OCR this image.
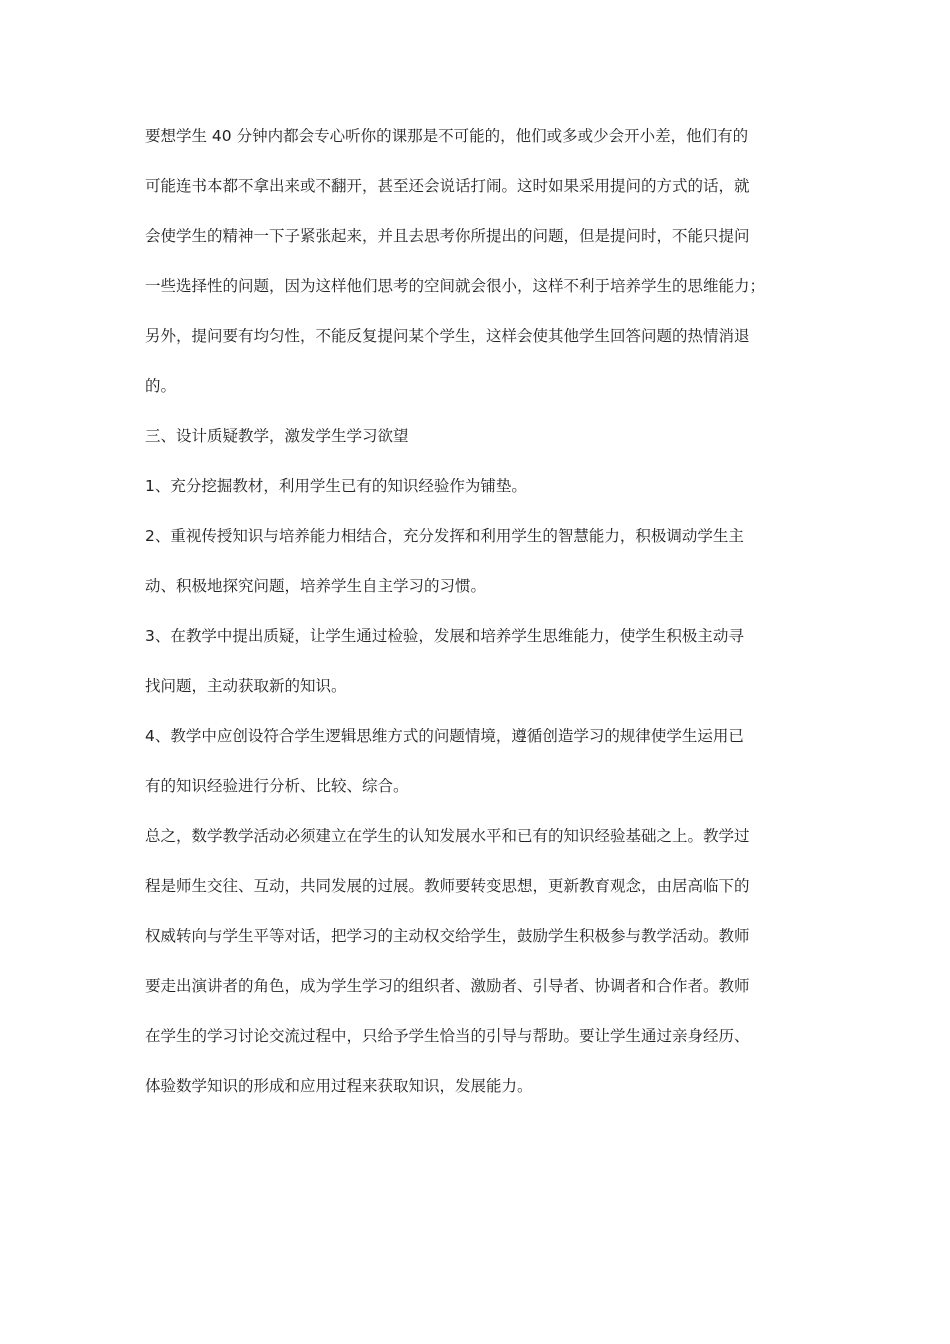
要想学生 40 分钟内都会专心听你的课那是不可能的，他们或多或少会开小差，他们有的
可能连书本都不拿出来或不翻开，甚至还会说话打闹。这时如果采用提问的方式的话，就
会使学生的精神一下子紧张起来，并且去思考你所提出的问题，但是提问时，不能只提问
一些选择性的问题，因为这样他们思考的空间就会很小，这样不利于培养学生的思维能力；
另外，提问要有均匀性，不能反复提问某个学生，这样会使其他学生回答问题的热情消退
的。
三、设计质疑教学，激发学生学习欲望
1、充分挖掘教材，利用学生已有的知识经验作为铺垫。
2、重视传授知识与培养能力相结合，充分发挥和利用学生的智慧能力，积极调动学生主
动、积极地探究问题，培养学生自主学习的习惯。
3、在教学中提出质疑，让学生通过检验，发展和培养学生思维能力，使学生积极主动寻
找问题，主动获取新的知识。
4、教学中应创设符合学生逻辑思维方式的问题情境，遵循创造学习的规律使学生运用已
有的知识经验进行分析、比较、综合。
总之，数学教学活动必须建立在学生的认知发展水平和已有的知识经验基础之上。教学过
程是师生交往、互动，共同发展的过展。教师要转变思想，更新教育观念，由居高临下的
权威转向与学生平等对话，把学习的主动权交给学生，鼓励学生积极参与教学活动。教师
要走出演讲者的角色，成为学生学习的组织者、激励者、引导者、协调者和合作者。教师
在学生的学习讨论交流过程中，只给予学生恰当的引导与帮助。要让学生通过亲身经历、
体验数学知识的形成和应用过程来获取知识，发展能力。
